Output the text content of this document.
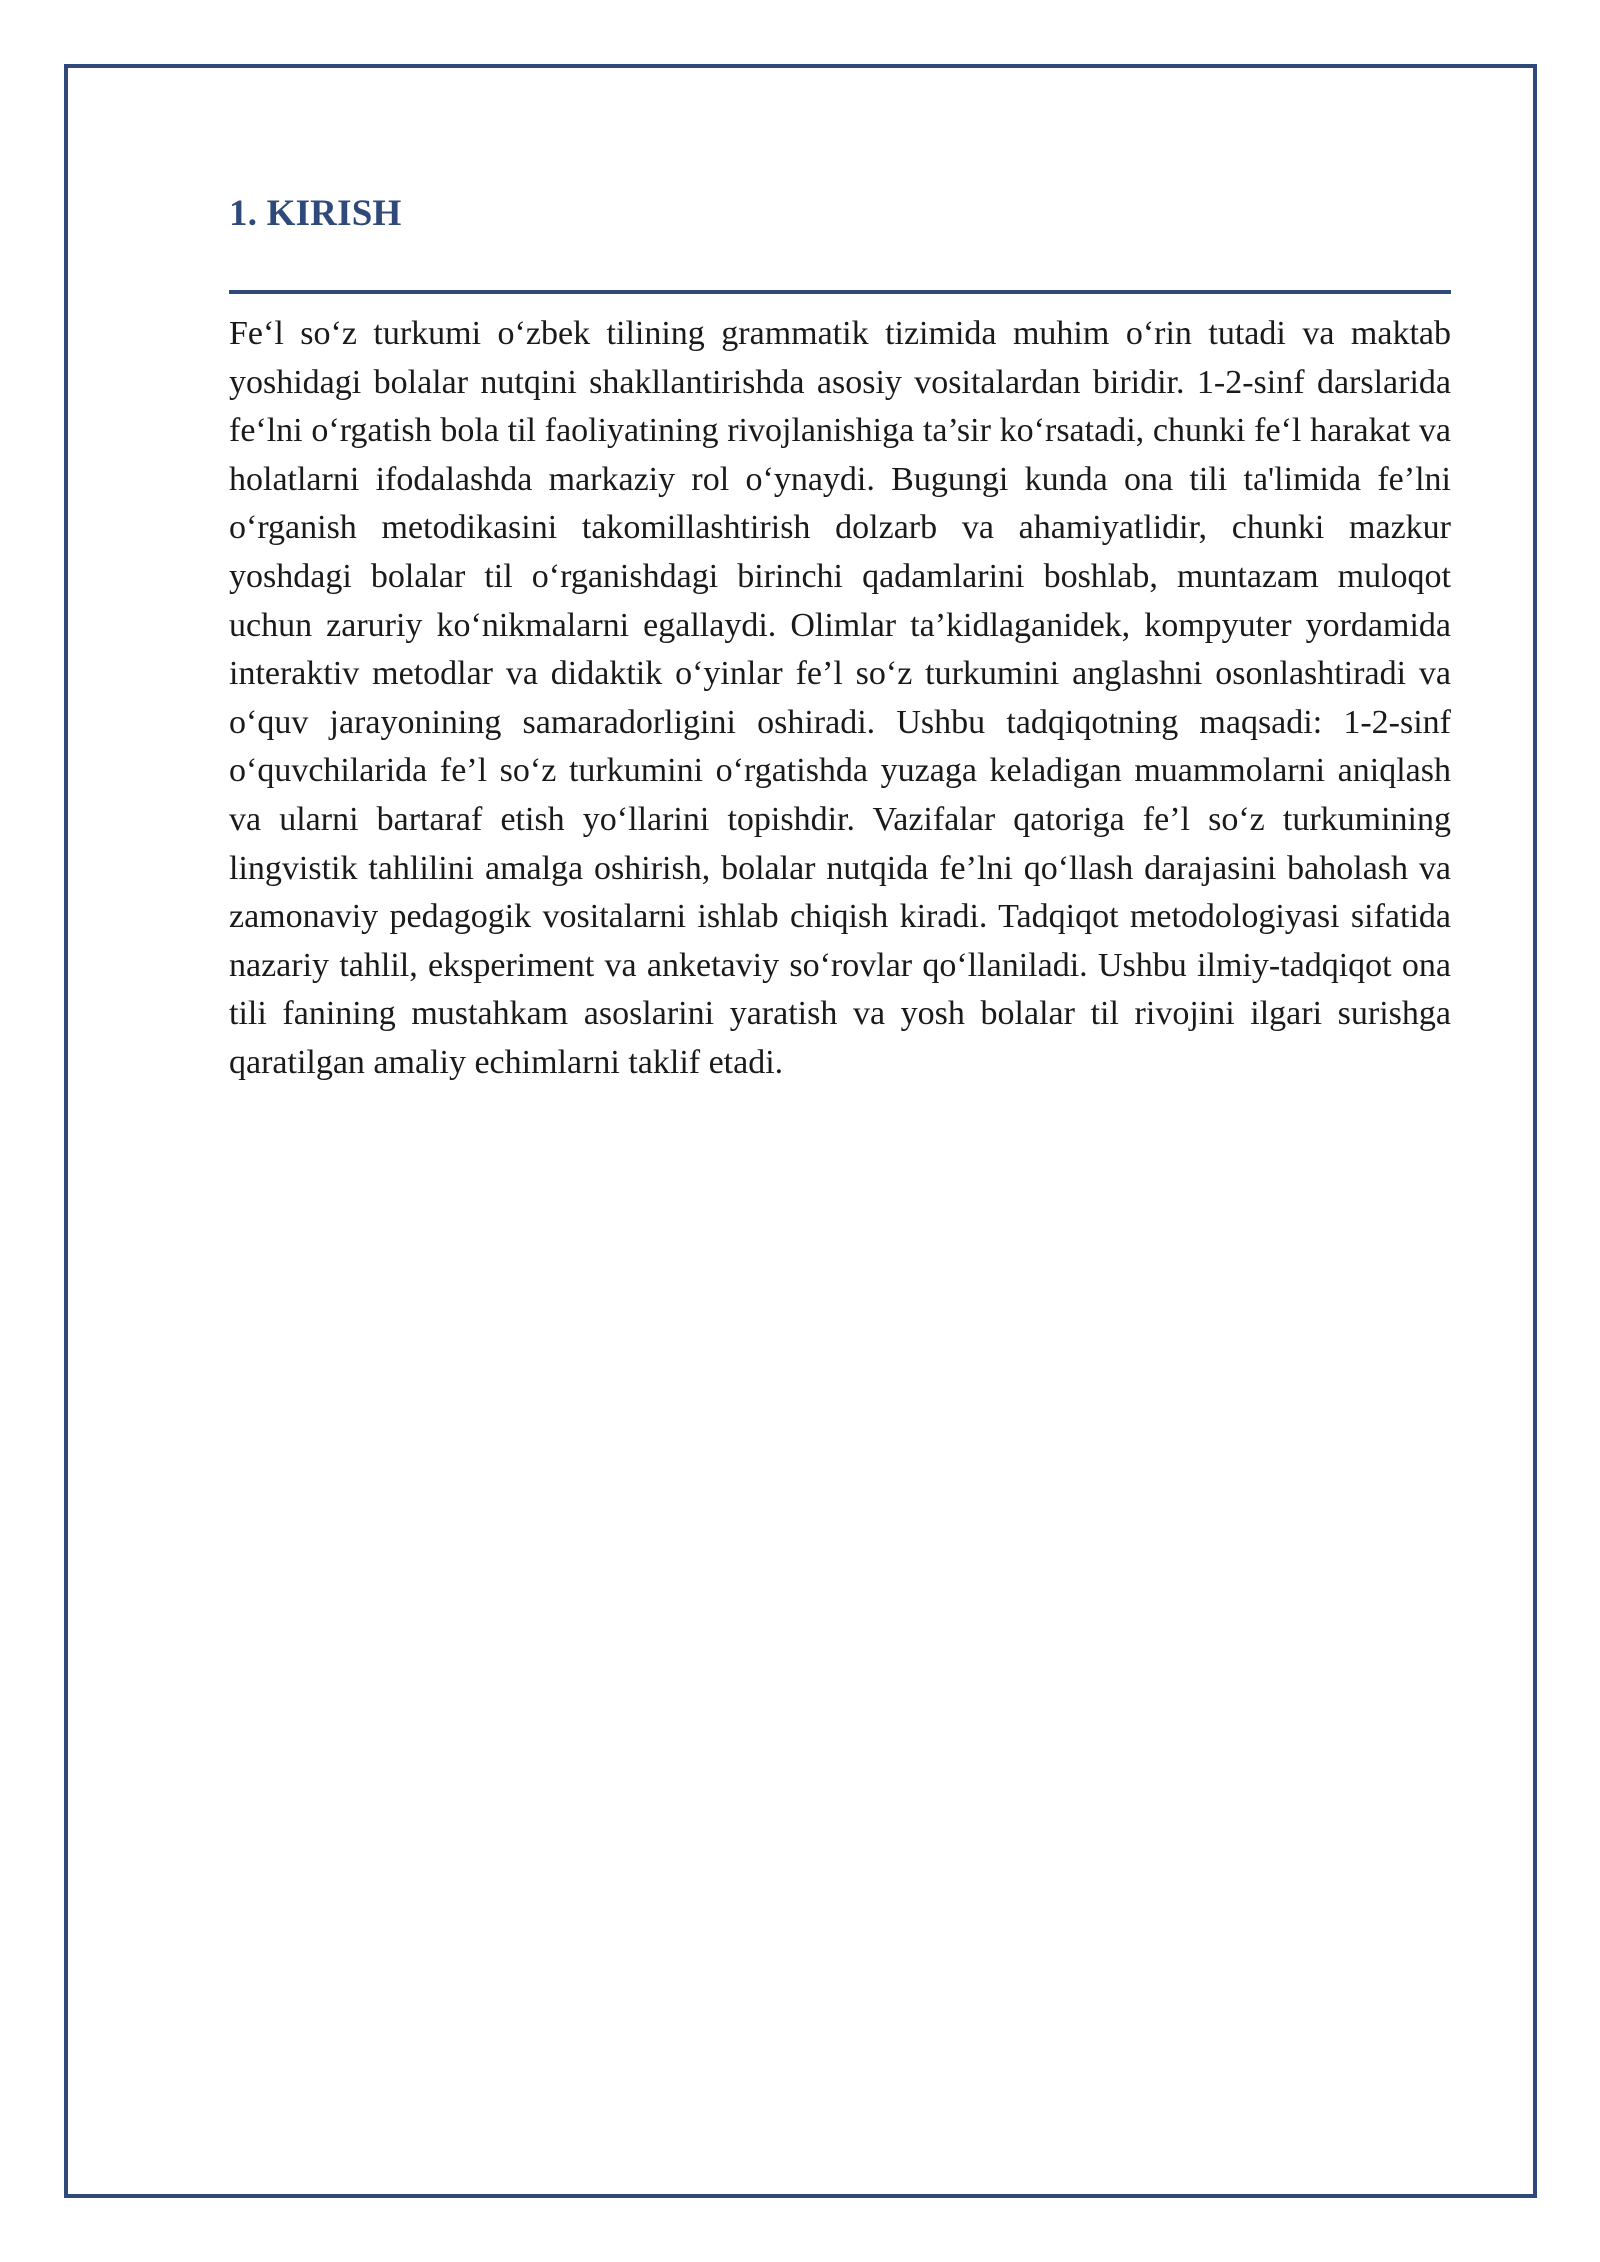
1. KIRISH

Fe‘l so‘z turkumi o‘zbek tilining grammatik tizimida muhim o‘rin tutadi va maktab yoshidagi bolalar nutqini shakllantirishda asosiy vositalardan biridir. 1-2-sinf darslarida fe‘lni o‘rgatish bola til faoliyatining rivojlanishiga ta’sir ko‘rsatadi, chunki fe‘l harakat va holatlarni ifodalashda markaziy rol o‘ynaydi. Bugungi kunda ona tili ta'limida fe’lni o‘rganish metodikasini takomillashtirish dolzarb va ahamiyatlidir, chunki mazkur yoshdagi bolalar til o‘rganishdagi birinchi qadamlarini boshlab, muntazam muloqot uchun zaruriy ko‘nikmalarni egallaydi. Olimlar ta’kidlaganidek, kompyuter yordamida interaktiv metodlar va didaktik o‘yinlar fe’l so‘z turkumini anglashni osonlashtiradi va o‘quv jarayonining samaradorligini oshiradi. Ushbu tadqiqotning maqsadi: 1-2-sinf o‘quvchilarida fe’l so‘z turkumini o‘rgatishda yuzaga keladigan muammolarni aniqlash va ularni bartaraf etish yo‘llarini topishdir. Vazifalar qatoriga fe’l so‘z turkumining lingvistik tahlilini amalga oshirish, bolalar nutqida fe’lni qo‘llash darajasini baholash va zamonaviy pedagogik vositalarni ishlab chiqish kiradi. Tadqiqot metodologiyasi sifatida nazariy tahlil, eksperiment va anketaviy so‘rovlar qo‘llaniladi. Ushbu ilmiy-tadqiqot ona tili fanining mustahkam asoslarini yaratish va yosh bolalar til rivojini ilgari surishga qaratilgan amaliy echimlarni taklif etadi.
